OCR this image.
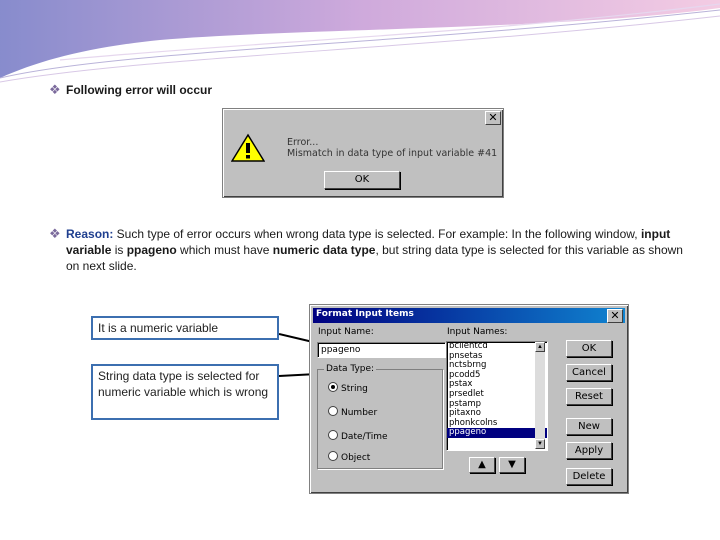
❖ Following error will occur
✕
Error...
Mismatch in data type of input variable #41
OK
❖ Reason: Such type of error occurs when wrong data type is selected. For example: In the following window, input variable is ppageno which must have numeric data type, but string data type is selected for this variable as shown on next slide.
It is a numeric variable
String data type is selected for numeric variable which is wrong
Format Input Items	✕
Input Name:
ppageno
Input Names:
bclientcd
pnsetas
nctsbrng
pcodd5
pstax
prsedlet
pstamp
pitaxno
phonkcolns
ppageno
▲
▼
Data Type:
String
Number
Date/Time
Object
▲	▼
OK
Cancel
Reset
New
Apply
Delete
